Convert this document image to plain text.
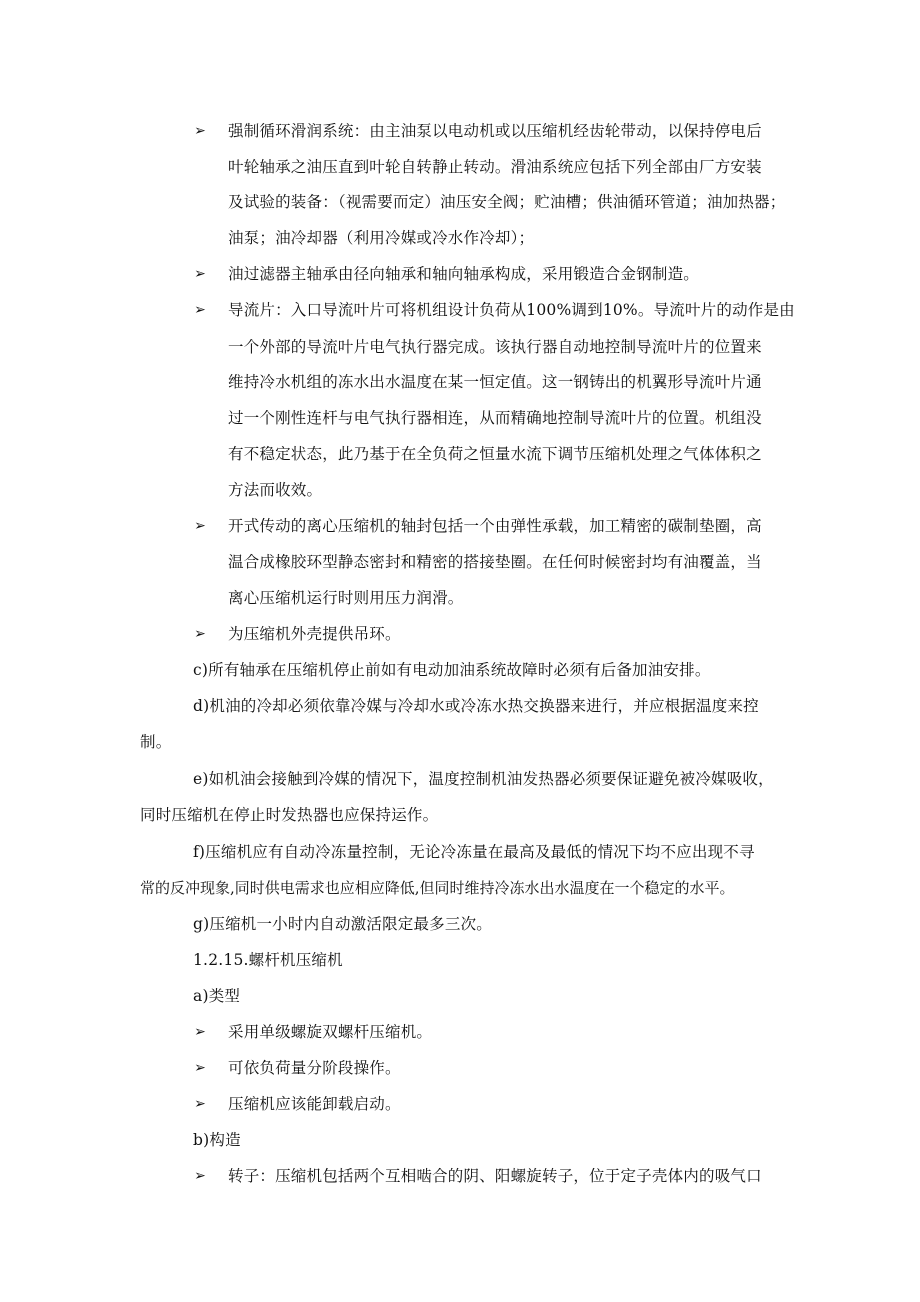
➢ 强制循环滑润系统：由主油泵以电动机或以压缩机经齿轮带动，以保持停电后
叶轮轴承之油压直到叶轮自转静止转动。滑油系统应包括下列全部由厂方安装
及试验的装备：（视需要而定）油压安全阀；贮油槽；供油循环管道；油加热器；
油泵；油冷却器（利用冷媒或冷水作冷却）；
➢ 油过滤器主轴承由径向轴承和轴向轴承构成，采用锻造合金钢制造。
➢ 导流片：入口导流叶片可将机组设计负荷从100%调到10%。导流叶片的动作是由
一个外部的导流叶片电气执行器完成。该执行器自动地控制导流叶片的位置来
维持冷水机组的冻水出水温度在某一恒定值。这一钢铸出的机翼形导流叶片通
过一个刚性连杆与电气执行器相连，从而精确地控制导流叶片的位置。机组没
有不稳定状态，此乃基于在全负荷之恒量水流下调节压缩机处理之气体体积之
方法而收效。
➢ 开式传动的离心压缩机的轴封包括一个由弹性承载，加工精密的碳制垫圈，高
温合成橡胶环型静态密封和精密的搭接垫圈。在任何时候密封均有油覆盖，当
离心压缩机运行时则用压力润滑。
➢ 为压缩机外壳提供吊环。
c)所有轴承在压缩机停止前如有电动加油系统故障时必须有后备加油安排。
d)机油的冷却必须依靠冷媒与冷却水或冷冻水热交换器来进行，并应根据温度来控
制。
e)如机油会接触到冷媒的情况下，温度控制机油发热器必须要保证避免被冷媒吸收，
同时压缩机在停止时发热器也应保持运作。
f)压缩机应有自动冷冻量控制，无论冷冻量在最高及最低的情况下均不应出现不寻
常的反冲现象,同时供电需求也应相应降低,但同时维持冷冻水出水温度在一个稳定的水平。
g)压缩机一小时内自动激活限定最多三次。
1.2.15.螺杆机压缩机
a)类型
➢ 采用单级螺旋双螺杆压缩机。
➢ 可依负荷量分阶段操作。
➢ 压缩机应该能卸载启动。
b)构造
➢ 转子：压缩机包括两个互相啮合的阴、阳螺旋转子，位于定子壳体内的吸气口
